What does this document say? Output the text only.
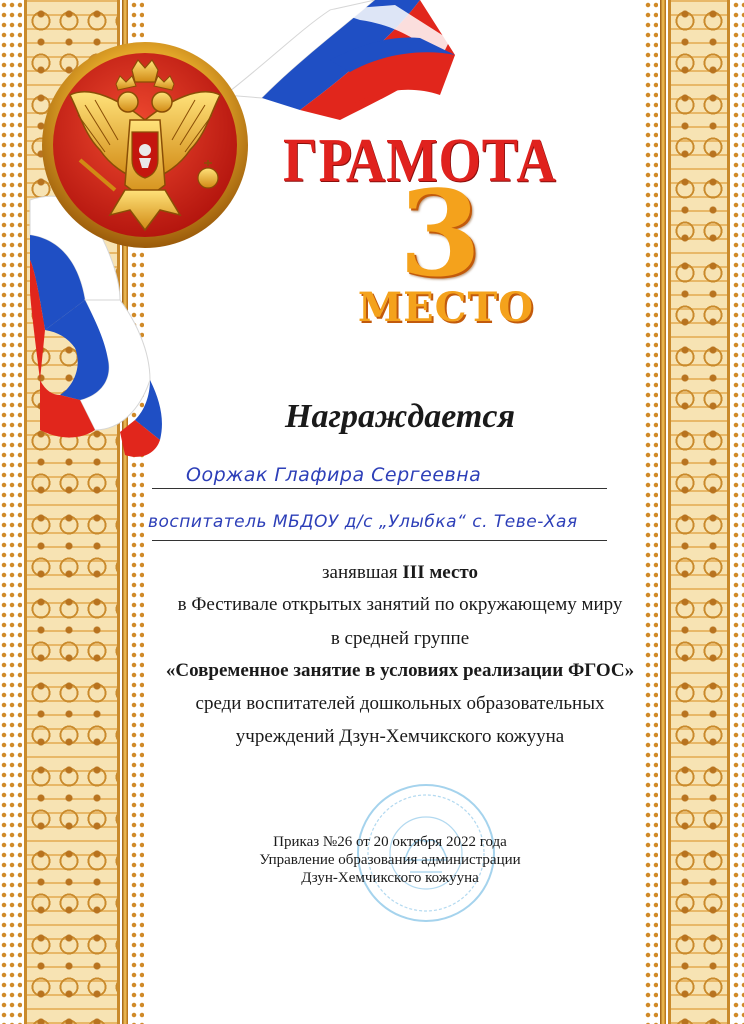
ГРАМОТА
3
МЕСТО
Награждается
Ооржак Глафира Сергеевна
воспитатель МБДОУ д/с „Улыбка“ с. Теве-Хая
занявшая III место
в Фестивале открытых занятий по окружающему миру
в средней группе
«Современное занятие в условиях реализации ФГОС»
среди воспитателей дошкольных образовательных
учреждений Дзун-Хемчикского кожууна
Приказ №26 от 20 октября 2022 года
Управление образования администрации
Дзун-Хемчикского кожууна
